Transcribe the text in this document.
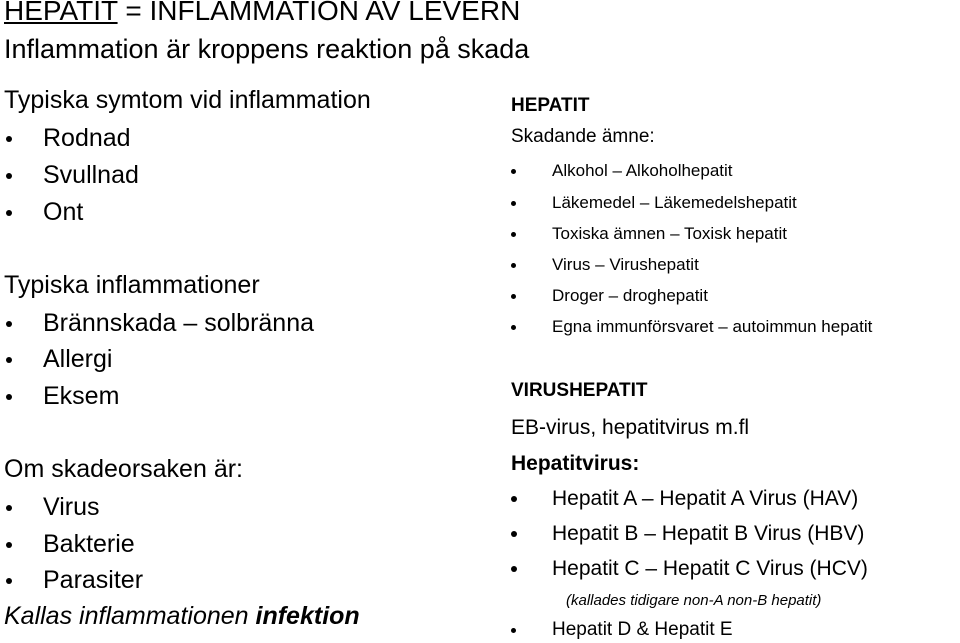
HEPATIT = INFLAMMATION AV LEVERN
Inflammation är kroppens reaktion på skada
Typiska symtom vid inflammation
Rodnad
Svullnad
Ont
Typiska inflammationer
Brännskada – solbränna
Allergi
Eksem
Om skadeorsaken är:
Virus
Bakterie
Parasiter
Kallas inflammationen infektion
HEPATIT
Skadande ämne:
Alkohol – Alkoholhepatit
Läkemedel – Läkemedelshepatit
Toxiska ämnen – Toxisk hepatit
Virus – Virushepatit
Droger – droghepatit
Egna immunförsvaret – autoimmun hepatit
VIRUSHEPATIT
EB-virus, hepatitvirus m.fl
Hepatitvirus:
Hepatit A – Hepatit A Virus (HAV)
Hepatit B – Hepatit B Virus (HBV)
Hepatit C – Hepatit C Virus (HCV)
(kallades tidigare non-A non-B hepatit)
Hepatit D & Hepatit E
